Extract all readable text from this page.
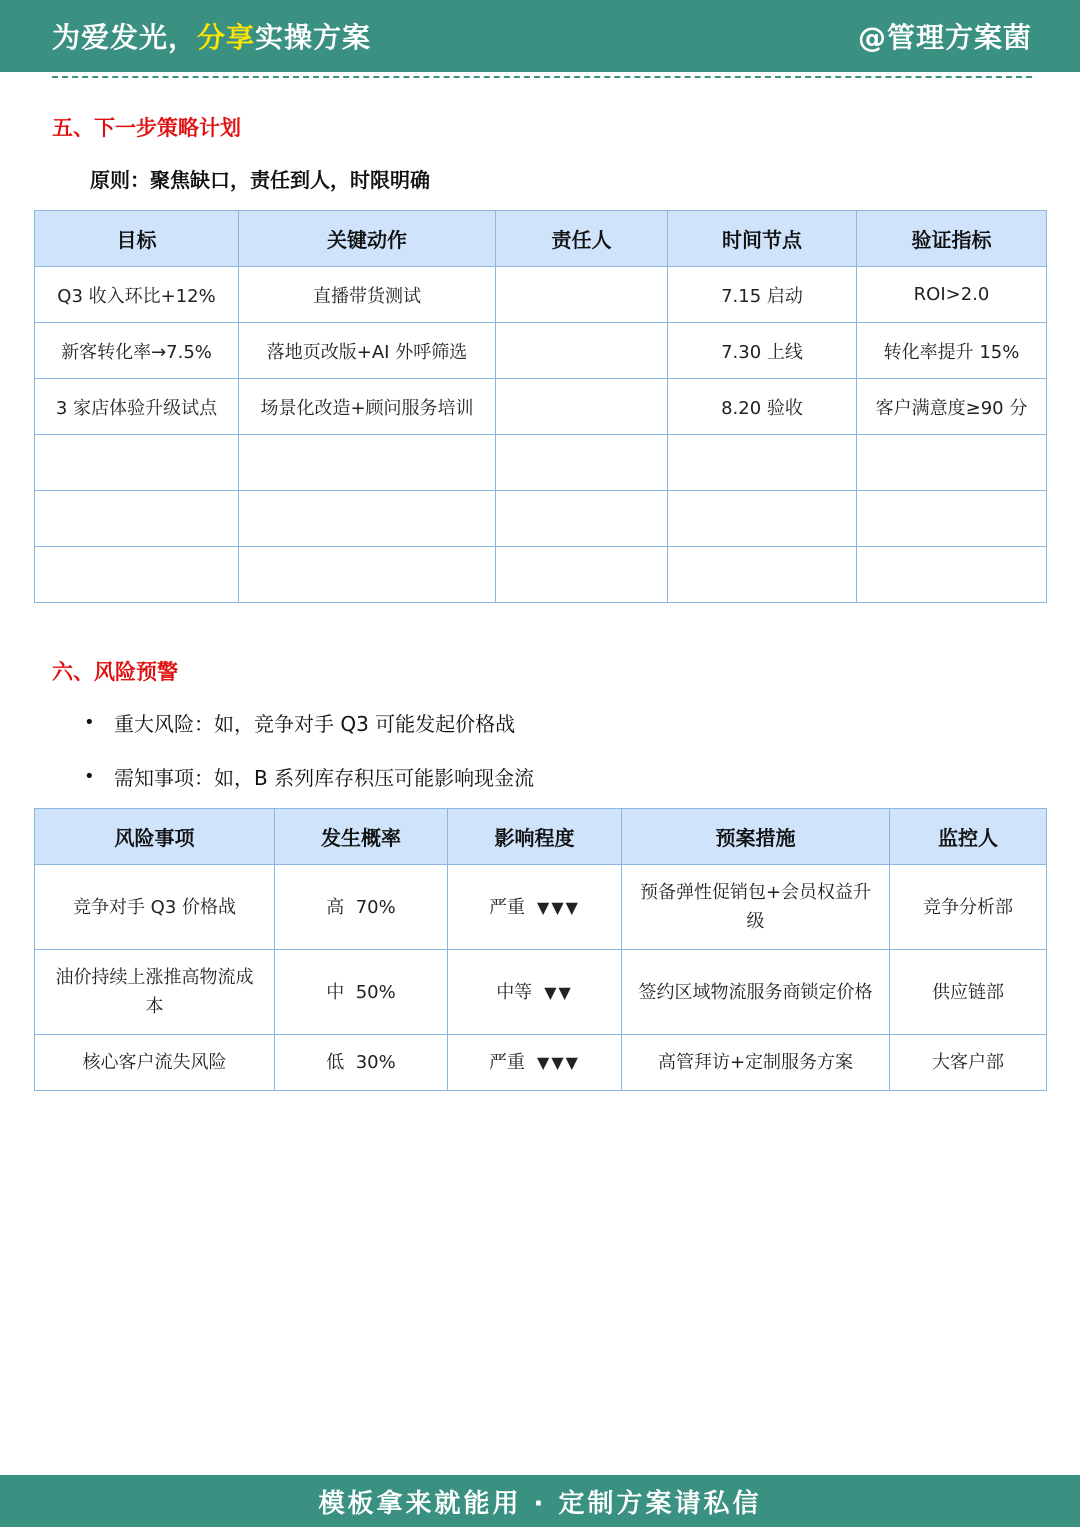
为爱发光，分享实操方案	@管理方案菌
五、下一步策略计划
原则：聚焦缺口，责任到人，时限明确
目标	关键动作	责任人	时间节点	验证指标
Q3 收入环比+12%	直播带货测试		7.15 启动	ROI>2.0
新客转化率→7.5%	落地页改版+AI 外呼筛选		7.30 上线	转化率提升 15%
3 家店体验升级试点	场景化改造+顾问服务培训		8.20 验收	客户满意度≥90 分

六、风险预警
• 重大风险：如，竞争对手 Q3 可能发起价格战
• 需知事项：如，B 系列库存积压可能影响现金流
风险事项	发生概率	影响程度	预案措施	监控人
竞争对手 Q3 价格战	高  70%	严重 ▼▼▼	预备弹性促销包+会员权益升级	竞争分析部
油价持续上涨推高物流成本	中  50%	中等 ▼▼	签约区域物流服务商锁定价格	供应链部
核心客户流失风险	低  30%	严重 ▼▼▼	高管拜访+定制服务方案	大客户部
模板拿来就能用 · 定制方案请私信
